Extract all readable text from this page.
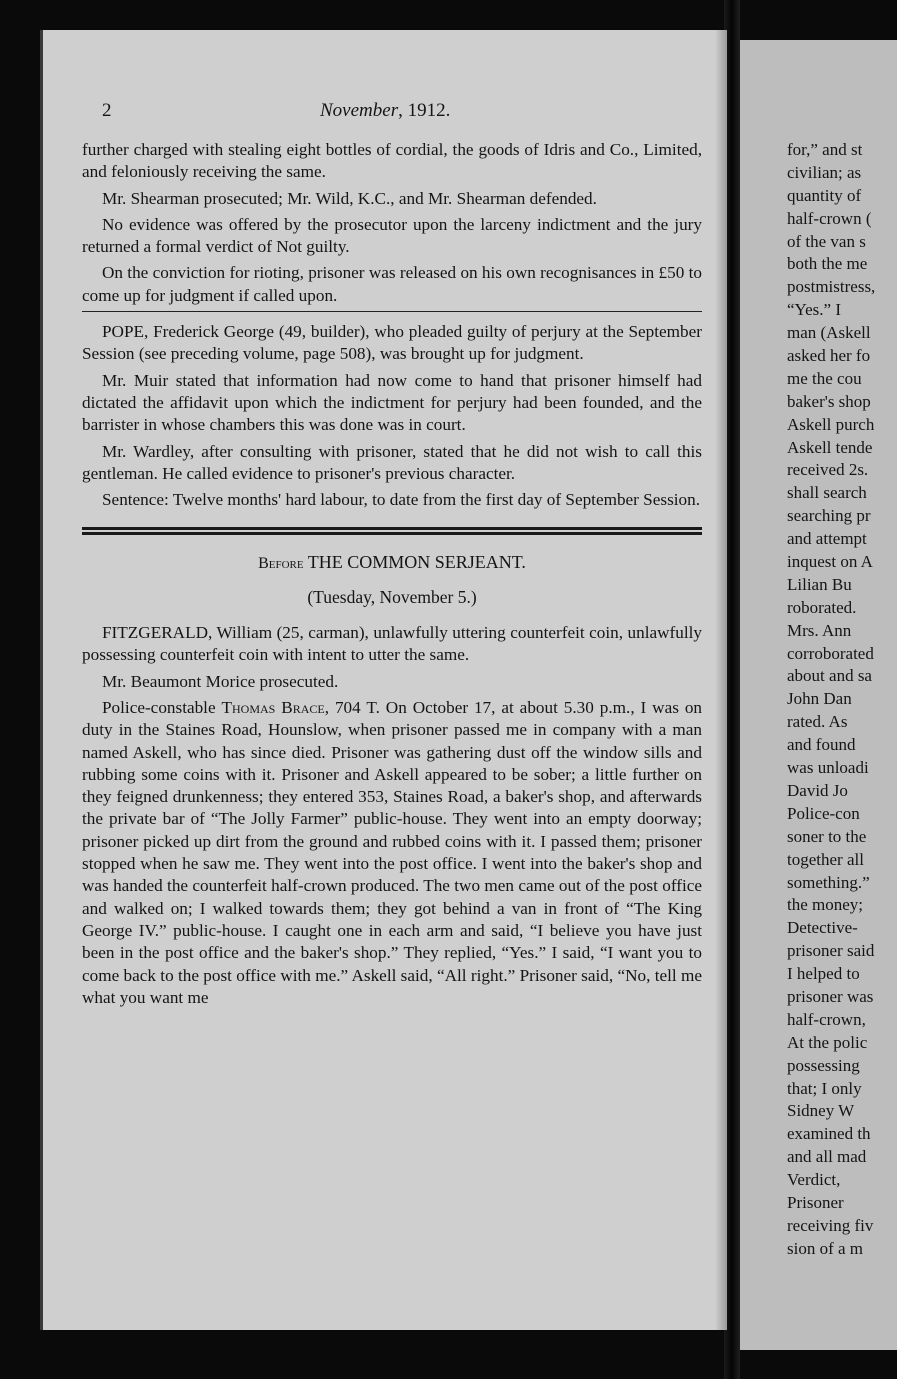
2	November, 1912.

further charged with stealing eight bottles of cordial, the goods of Idris and Co., Limited, and feloniously receiving the same.

Mr. Shearman prosecuted; Mr. Wild, K.C., and Mr. Shearman defended.

No evidence was offered by the prosecutor upon the larceny indictment and the jury returned a formal verdict of Not guilty.

On the conviction for rioting, prisoner was released on his own recognisances in £50 to come up for judgment if called upon.

POPE, Frederick George (49, builder), who pleaded guilty of perjury at the September Session (see preceding volume, page 508), was brought up for judgment.

Mr. Muir stated that information had now come to hand that prisoner himself had dictated the affidavit upon which the indictment for perjury had been founded, and the barrister in whose chambers this was done was in court.

Mr. Wardley, after consulting with prisoner, stated that he did not wish to call this gentleman. He called evidence to prisoner's previous character.

Sentence: Twelve months' hard labour, to date from the first day of September Session.

Before THE COMMON SERJEANT.

(Tuesday, November 5.)

FITZGERALD, William (25, carman), unlawfully uttering counterfeit coin, unlawfully possessing counterfeit coin with intent to utter the same.

Mr. Beaumont Morice prosecuted.

Police-constable Thomas Brace, 704 T. On October 17, at about 5.30 p.m., I was on duty in the Staines Road, Hounslow, when prisoner passed me in company with a man named Askell, who has since died. Prisoner was gathering dust off the window sills and rubbing some coins with it. Prisoner and Askell appeared to be sober; a little further on they feigned drunkenness; they entered 353, Staines Road, a baker's shop, and afterwards the private bar of “The Jolly Farmer” public-house. They went into an empty doorway; prisoner picked up dirt from the ground and rubbed coins with it. I passed them; prisoner stopped when he saw me. They went into the post office. I went into the baker's shop and was handed the counterfeit half-crown produced. The two men came out of the post office and walked on; I walked towards them; they got behind a van in front of “The King George IV.” public-house. I caught one in each arm and said, “I believe you have just been in the post office and the baker's shop.” They replied, “Yes.” I said, “I want you to come back to the post office with me.” Askell said, “All right.” Prisoner said, “No, tell me what you want me

for,” and st
civilian; as
quantity of
half-crown (
of the van s
both the me
postmistress,
“Yes.” I
man (Askell
asked her fo
me the cou
baker's shop
Askell purch
Askell tende
received 2s.
shall search
searching pr
and attempt
inquest on A
Lilian Bu
roborated.
Mrs. Ann
corroborated
about and sa
John Dan
rated. As
and found
was unloadi
David Jo
Police-con
soner to the
together all
something.”
the money;
Detective-
prisoner said
I helped to
prisoner was
half-crown,
At the polic
possessing
that; I only
Sidney W
examined th
and all mad
Verdict,
Prisoner
receiving fiv
sion of a m
